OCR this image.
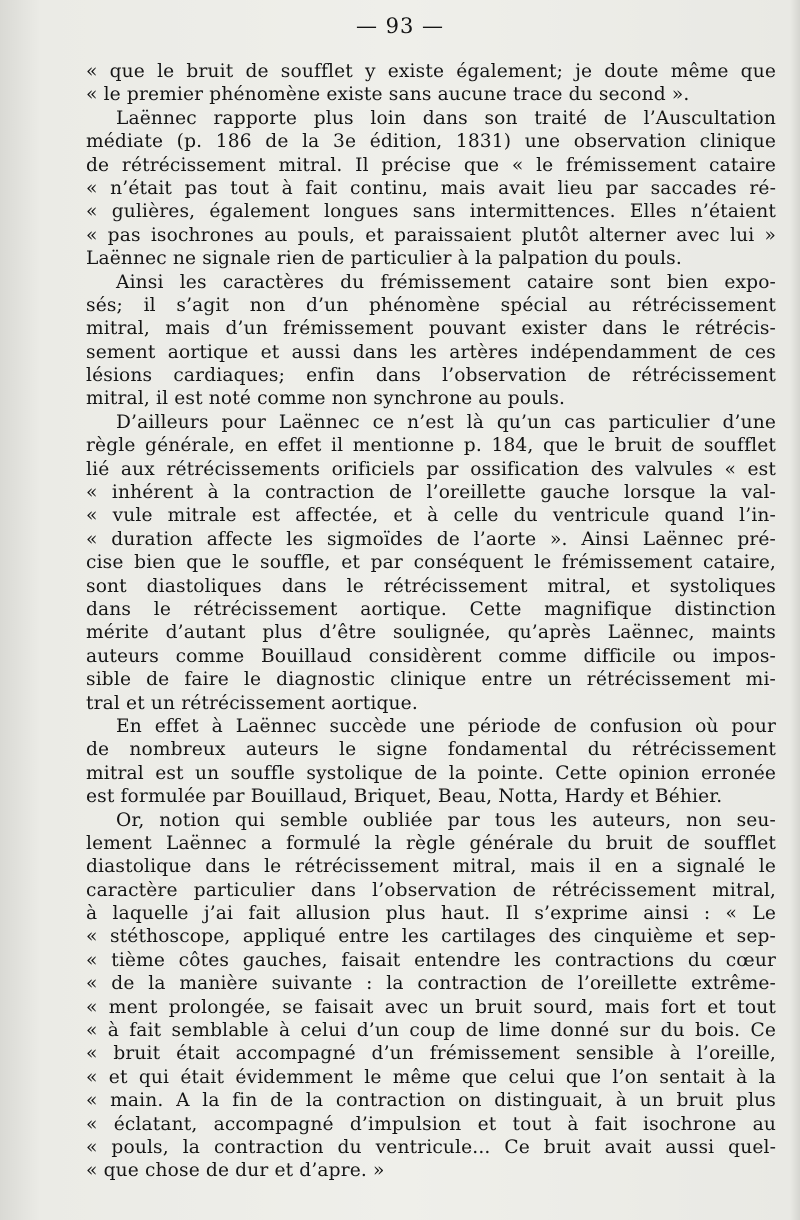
— 93 —
« que le bruit de soufflet y existe également; je doute même que
« le premier phénomène existe sans aucune trace du second ».
Laënnec rapporte plus loin dans son traité de l’Auscultation
médiate (p. 186 de la 3e édition, 1831) une observation clinique
de rétrécissement mitral. Il précise que « le frémissement cataire
« n’était pas tout à fait continu, mais avait lieu par saccades ré-
« gulières, également longues sans intermittences. Elles n’étaient
« pas isochrones au pouls, et paraissaient plutôt alterner avec lui »
Laënnec ne signale rien de particulier à la palpation du pouls.
Ainsi les caractères du frémissement cataire sont bien expo-
sés; il s’agit non d’un phénomène spécial au rétrécissement
mitral, mais d’un frémissement pouvant exister dans le rétrécis-
sement aortique et aussi dans les artères indépendamment de ces
lésions cardiaques; enfin dans l’observation de rétrécissement
mitral, il est noté comme non synchrone au pouls.
D’ailleurs pour Laënnec ce n’est là qu’un cas particulier d’une
règle générale, en effet il mentionne p. 184, que le bruit de soufflet
lié aux rétrécissements orificiels par ossification des valvules « est
« inhérent à la contraction de l’oreillette gauche lorsque la val-
« vule mitrale est affectée, et à celle du ventricule quand l’in-
« duration affecte les sigmoïdes de l’aorte ». Ainsi Laënnec pré-
cise bien que le souffle, et par conséquent le frémissement cataire,
sont diastoliques dans le rétrécissement mitral, et systoliques
dans le rétrécissement aortique. Cette magnifique distinction
mérite d’autant plus d’être soulignée, qu’après Laënnec, maints
auteurs comme Bouillaud considèrent comme difficile ou impos-
sible de faire le diagnostic clinique entre un rétrécissement mi-
tral et un rétrécissement aortique.
En effet à Laënnec succède une période de confusion où pour
de nombreux auteurs le signe fondamental du rétrécissement
mitral est un souffle systolique de la pointe. Cette opinion erronée
est formulée par Bouillaud, Briquet, Beau, Notta, Hardy et Béhier.
Or, notion qui semble oubliée par tous les auteurs, non seu-
lement Laënnec a formulé la règle générale du bruit de soufflet
diastolique dans le rétrécissement mitral, mais il en a signalé le
caractère particulier dans l’observation de rétrécissement mitral,
à laquelle j’ai fait allusion plus haut. Il s’exprime ainsi : « Le
« stéthoscope, appliqué entre les cartilages des cinquième et sep-
« tième côtes gauches, faisait entendre les contractions du cœur
« de la manière suivante : la contraction de l’oreillette extrême-
« ment prolongée, se faisait avec un bruit sourd, mais fort et tout
« à fait semblable à celui d’un coup de lime donné sur du bois. Ce
« bruit était accompagné d’un frémissement sensible à l’oreille,
« et qui était évidemment le même que celui que l’on sentait à la
« main. A la fin de la contraction on distinguait, à un bruit plus
« éclatant, accompagné d’impulsion et tout à fait isochrone au
« pouls, la contraction du ventricule... Ce bruit avait aussi quel-
« que chose de dur et d’apre. »
